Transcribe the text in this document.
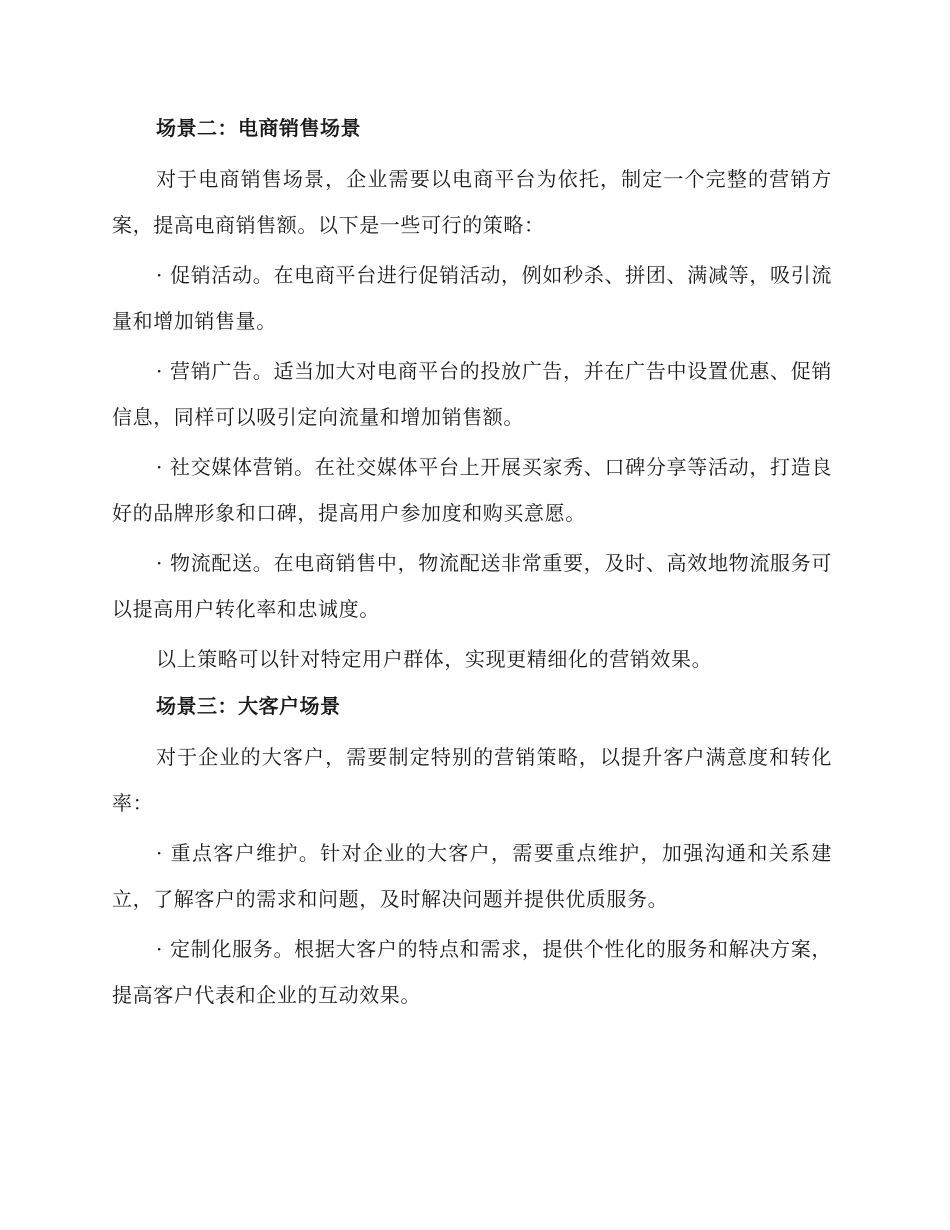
场景二：电商销售场景

对于电商销售场景，企业需要以电商平台为依托，制定一个完整的营销方案，提高电商销售额。以下是一些可行的策略：

· 促销活动。在电商平台进行促销活动，例如秒杀、拼团、满减等，吸引流量和增加销售量。

· 营销广告。适当加大对电商平台的投放广告，并在广告中设置优惠、促销信息，同样可以吸引定向流量和增加销售额。

· 社交媒体营销。在社交媒体平台上开展买家秀、口碑分享等活动，打造良好的品牌形象和口碑，提高用户参加度和购买意愿。

· 物流配送。在电商销售中，物流配送非常重要，及时、高效地物流服务可以提高用户转化率和忠诚度。

以上策略可以针对特定用户群体，实现更精细化的营销效果。

场景三：大客户场景

对于企业的大客户，需要制定特别的营销策略，以提升客户满意度和转化率：

· 重点客户维护。针对企业的大客户，需要重点维护，加强沟通和关系建立，了解客户的需求和问题，及时解决问题并提供优质服务。

· 定制化服务。根据大客户的特点和需求，提供个性化的服务和解决方案，提高客户代表和企业的互动效果。
